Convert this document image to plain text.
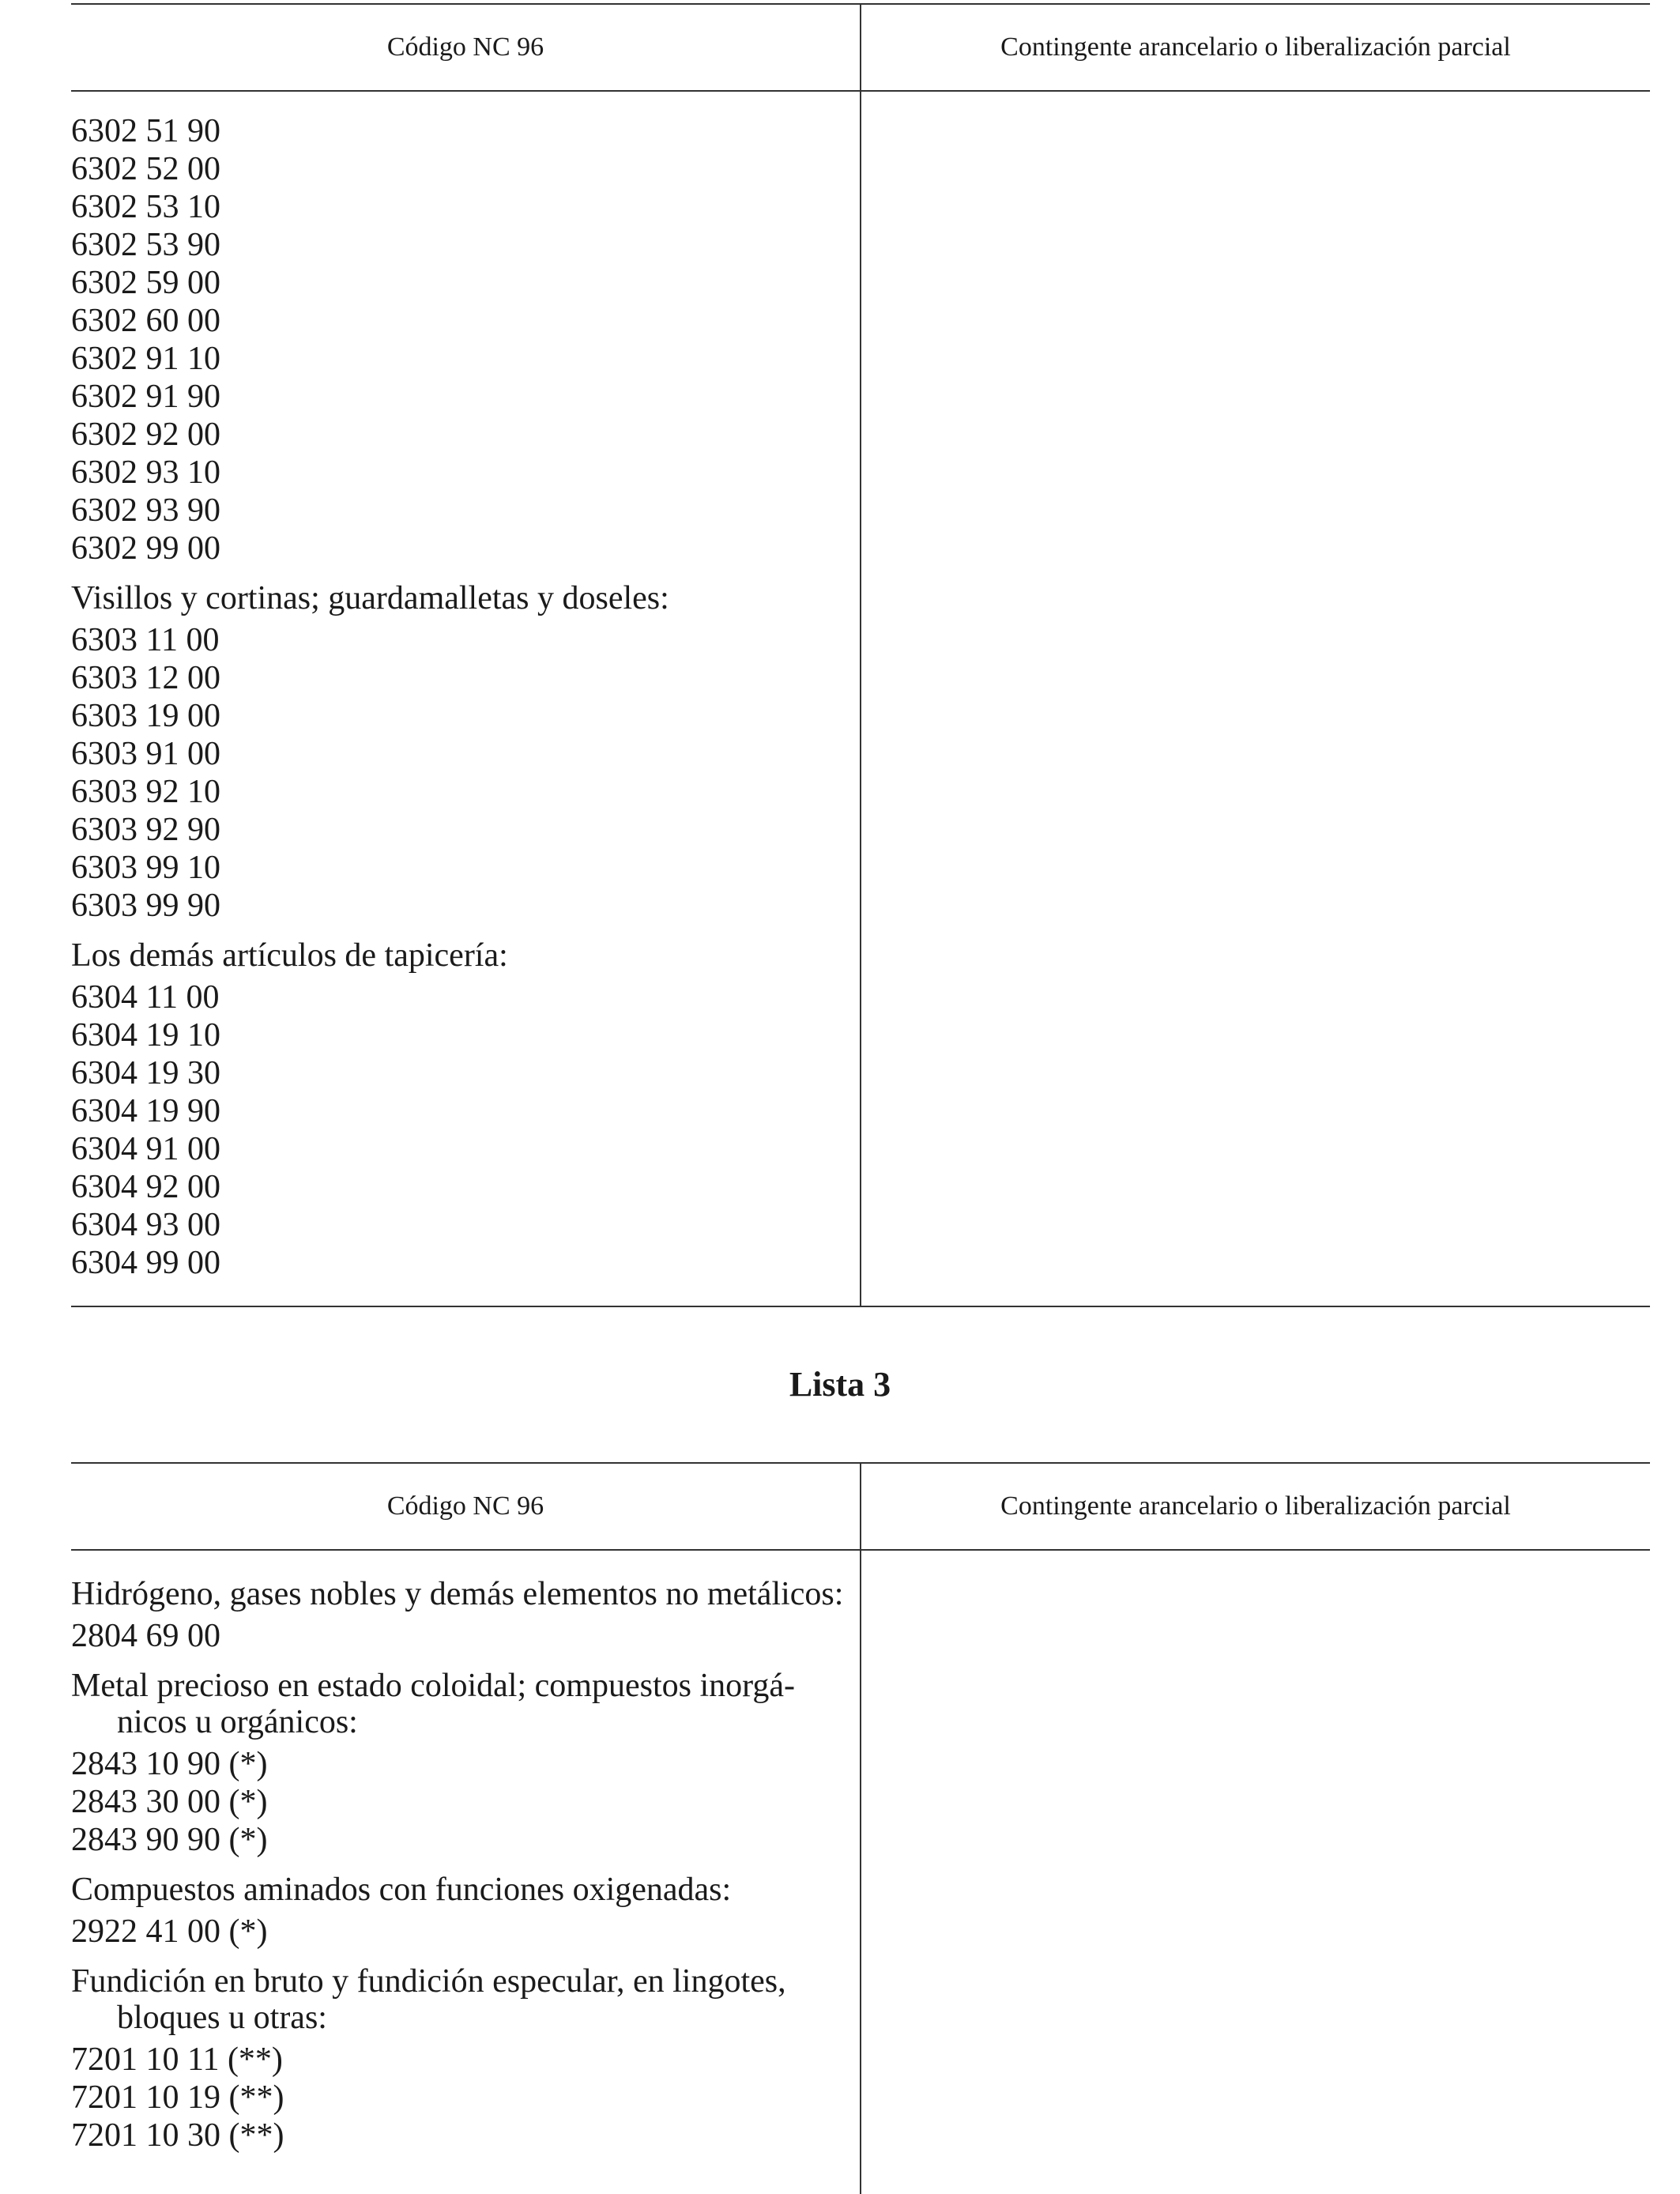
Código NC 96	Contingente arancelario o liberalización parcial
6302 51 90
6302 52 00
6302 53 10
6302 53 90
6302 59 00
6302 60 00
6302 91 10
6302 91 90
6302 92 00
6302 93 10
6302 93 90
6302 99 00
Visillos y cortinas; guardamalletas y doseles:
6303 11 00
6303 12 00
6303 19 00
6303 91 00
6303 92 10
6303 92 90
6303 99 10
6303 99 90
Los demás artículos de tapicería:
6304 11 00
6304 19 10
6304 19 30
6304 19 90
6304 91 00
6304 92 00
6304 93 00
6304 99 00
Lista 3
Código NC 96	Contingente arancelario o liberalización parcial
Hidrógeno, gases nobles y demás elementos no metálicos:
2804 69 00
Metal precioso en estado coloidal; compuestos inorgá-
nicos u orgánicos:
2843 10 90 (*)
2843 30 00 (*)
2843 90 90 (*)
Compuestos aminados con funciones oxigenadas:
2922 41 00 (*)
Fundición en bruto y fundición especular, en lingotes,
bloques u otras:
7201 10 11 (**)
7201 10 19 (**)
7201 10 30 (**)
